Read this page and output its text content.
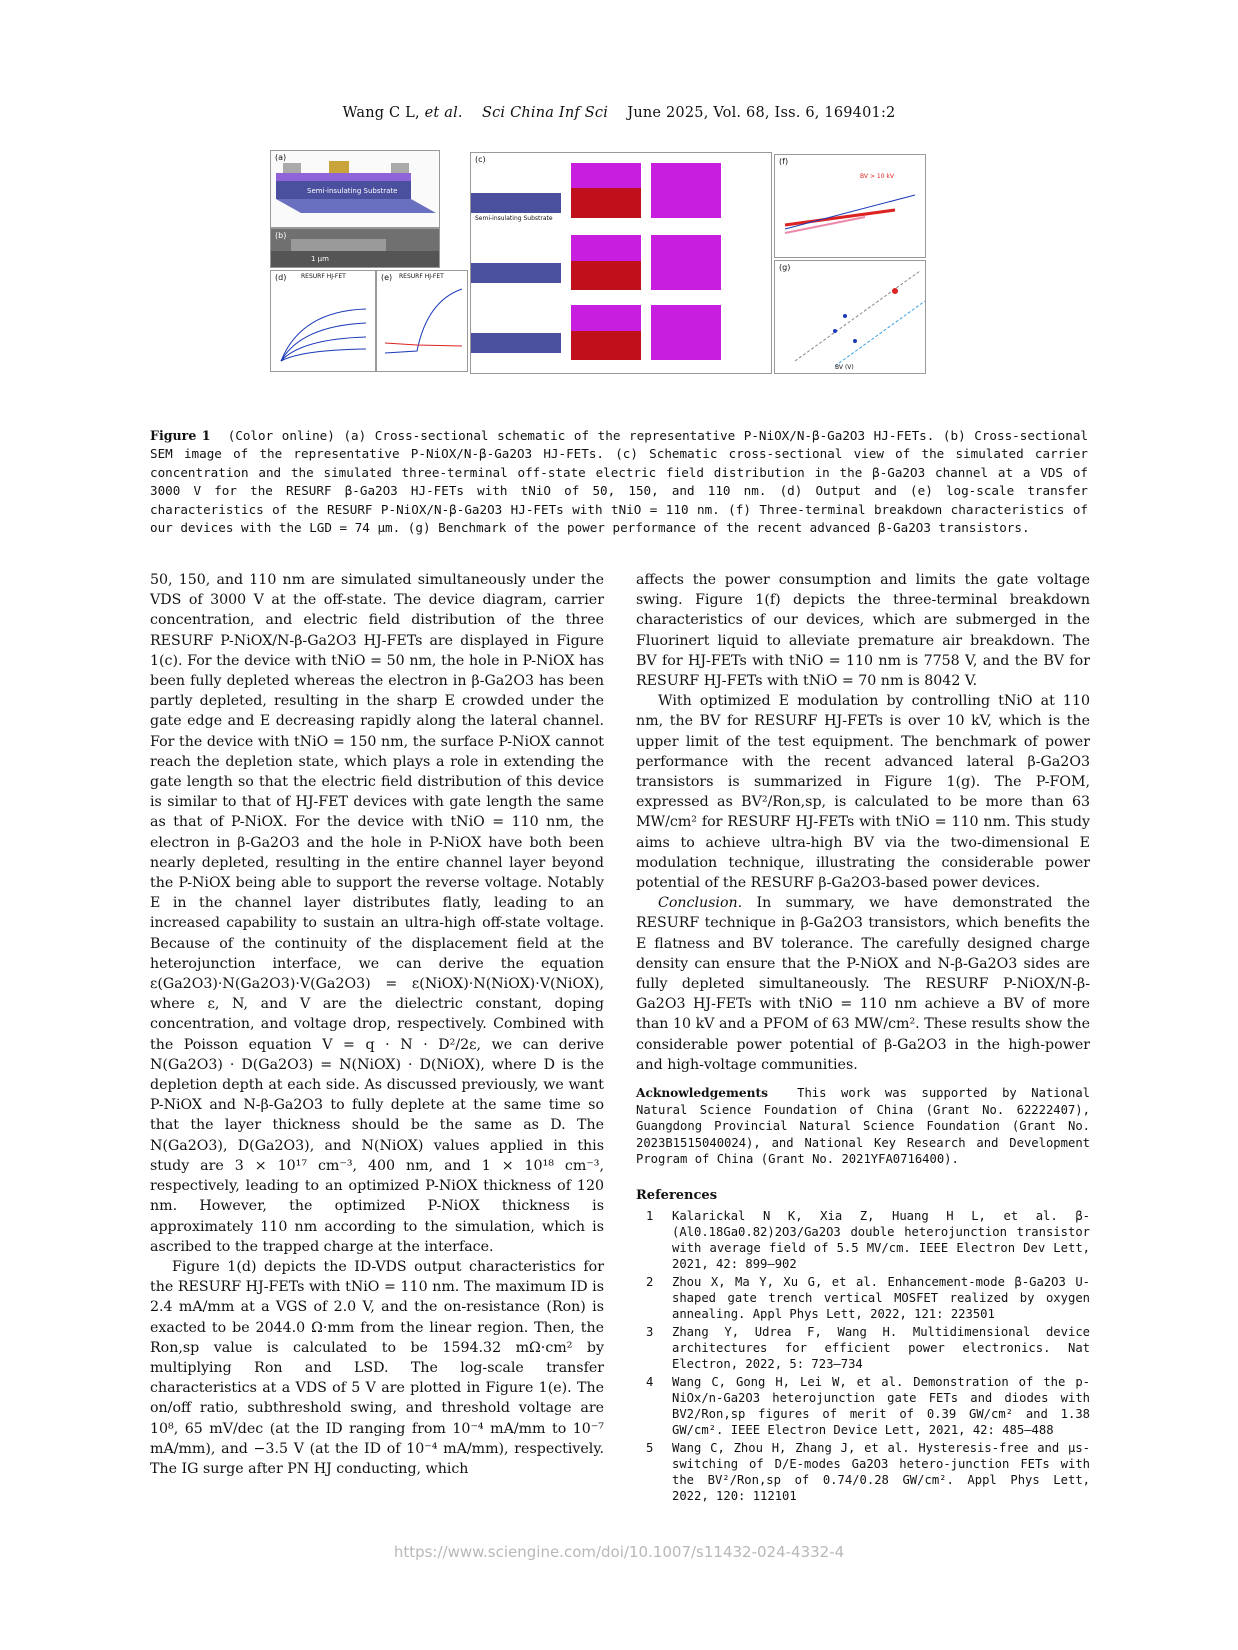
Wang C L, et al. Sci China Inf Sci June 2025, Vol. 68, Iss. 6, 169401:2
(a)
Semi-insulating Substrate
(b)
1 μm
(d) RESURF HJ-FET	(e) RESURF HJ-FET
(c)
Semi-insulating Substrate
(f)
BV > 10 kV
(g)
BV (V)
Figure 1 (Color online) (a) Cross-sectional schematic of the representative P-NiOX/N-β-Ga2O3 HJ-FETs. (b) Cross-sectional SEM image of the representative P-NiOX/N-β-Ga2O3 HJ-FETs. (c) Schematic cross-sectional view of the simulated carrier concentration and the simulated three-terminal off-state electric field distribution in the β-Ga2O3 channel at a VDS of 3000 V for the RESURF β-Ga2O3 HJ-FETs with tNiO of 50, 150, and 110 nm. (d) Output and (e) log-scale transfer characteristics of the RESURF P-NiOX/N-β-Ga2O3 HJ-FETs with tNiO = 110 nm. (f) Three-terminal breakdown characteristics of our devices with the LGD = 74 μm. (g) Benchmark of the power performance of the recent advanced β-Ga2O3 transistors.

50, 150, and 110 nm are simulated simultaneously under the VDS of 3000 V at the off-state. The device diagram, carrier concentration, and electric field distribution of the three RESURF P-NiOX/N-β-Ga2O3 HJ-FETs are displayed in Figure 1(c). For the device with tNiO = 50 nm, the hole in P-NiOX has been fully depleted whereas the electron in β-Ga2O3 has been partly depleted, resulting in the sharp E crowded under the gate edge and E decreasing rapidly along the lateral channel. For the device with tNiO = 150 nm, the surface P-NiOX cannot reach the depletion state, which plays a role in extending the gate length so that the electric field distribution of this device is similar to that of HJ-FET devices with gate length the same as that of P-NiOX. For the device with tNiO = 110 nm, the electron in β-Ga2O3 and the hole in P-NiOX have both been nearly depleted, resulting in the entire channel layer beyond the P-NiOX being able to support the reverse voltage. Notably E in the channel layer distributes flatly, leading to an increased capability to sustain an ultra-high off-state voltage. Because of the continuity of the displacement field at the heterojunction interface, we can derive the equation ε(Ga2O3)·N(Ga2O3)·V(Ga2O3) = ε(NiOX)·N(NiOX)·V(NiOX), where ε, N, and V are the dielectric constant, doping concentration, and voltage drop, respectively. Combined with the Poisson equation V = q · N · D²/2ε, we can derive N(Ga2O3) · D(Ga2O3) = N(NiOX) · D(NiOX), where D is the depletion depth at each side. As discussed previously, we want P-NiOX and N-β-Ga2O3 to fully deplete at the same time so that the layer thickness should be the same as D. The N(Ga2O3), D(Ga2O3), and N(NiOX) values applied in this study are 3 × 10¹⁷ cm⁻³, 400 nm, and 1 × 10¹⁸ cm⁻³, respectively, leading to an optimized P-NiOX thickness of 120 nm. However, the optimized P-NiOX thickness is approximately 110 nm according to the simulation, which is ascribed to the trapped charge at the interface.

Figure 1(d) depicts the ID-VDS output characteristics for the RESURF HJ-FETs with tNiO = 110 nm. The maximum ID is 2.4 mA/mm at a VGS of 2.0 V, and the on-resistance (Ron) is exacted to be 2044.0 Ω·mm from the linear region. Then, the Ron,sp value is calculated to be 1594.32 mΩ·cm² by multiplying Ron and LSD. The log-scale transfer characteristics at a VDS of 5 V are plotted in Figure 1(e). The on/off ratio, subthreshold swing, and threshold voltage are 10⁸, 65 mV/dec (at the ID ranging from 10⁻⁴ mA/mm to 10⁻⁷ mA/mm), and −3.5 V (at the ID of 10⁻⁴ mA/mm), respectively. The IG surge after PN HJ conducting, which

affects the power consumption and limits the gate voltage swing. Figure 1(f) depicts the three-terminal breakdown characteristics of our devices, which are submerged in the Fluorinert liquid to alleviate premature air breakdown. The BV for HJ-FETs with tNiO = 110 nm is 7758 V, and the BV for RESURF HJ-FETs with tNiO = 70 nm is 8042 V.

With optimized E modulation by controlling tNiO at 110 nm, the BV for RESURF HJ-FETs is over 10 kV, which is the upper limit of the test equipment. The benchmark of power performance with the recent advanced lateral β-Ga2O3 transistors is summarized in Figure 1(g). The P-FOM, expressed as BV²/Ron,sp, is calculated to be more than 63 MW/cm² for RESURF HJ-FETs with tNiO = 110 nm. This study aims to achieve ultra-high BV via the two-dimensional E modulation technique, illustrating the considerable power potential of the RESURF β-Ga2O3-based power devices.

Conclusion. In summary, we have demonstrated the RESURF technique in β-Ga2O3 transistors, which benefits the E flatness and BV tolerance. The carefully designed charge density can ensure that the P-NiOX and N-β-Ga2O3 sides are fully depleted simultaneously. The RESURF P-NiOX/N-β-Ga2O3 HJ-FETs with tNiO = 110 nm achieve a BV of more than 10 kV and a PFOM of 63 MW/cm². These results show the considerable power potential of β-Ga2O3 in the high-power and high-voltage communities.

Acknowledgements This work was supported by National Natural Science Foundation of China (Grant No. 62222407), Guangdong Provincial Natural Science Foundation (Grant No. 2023B1515040024), and National Key Research and Development Program of China (Grant No. 2021YFA0716400).

References

1 Kalarickal N K, Xia Z, Huang H L, et al. β-(Al0.18Ga0.82)2O3/Ga2O3 double heterojunction transistor with average field of 5.5 MV/cm. IEEE Electron Dev Lett, 2021, 42: 899–902
2 Zhou X, Ma Y, Xu G, et al. Enhancement-mode β-Ga2O3 U-shaped gate trench vertical MOSFET realized by oxygen annealing. Appl Phys Lett, 2022, 121: 223501
3 Zhang Y, Udrea F, Wang H. Multidimensional device architectures for efficient power electronics. Nat Electron, 2022, 5: 723–734
4 Wang C, Gong H, Lei W, et al. Demonstration of the p-NiOx/n-Ga2O3 heterojunction gate FETs and diodes with BV2/Ron,sp figures of merit of 0.39 GW/cm² and 1.38 GW/cm². IEEE Electron Device Lett, 2021, 42: 485–488
5 Wang C, Zhou H, Zhang J, et al. Hysteresis-free and μs-switching of D/E-modes Ga2O3 hetero-junction FETs with the BV²/Ron,sp of 0.74/0.28 GW/cm². Appl Phys Lett, 2022, 120: 112101
https://www.sciengine.com/doi/10.1007/s11432-024-4332-4
